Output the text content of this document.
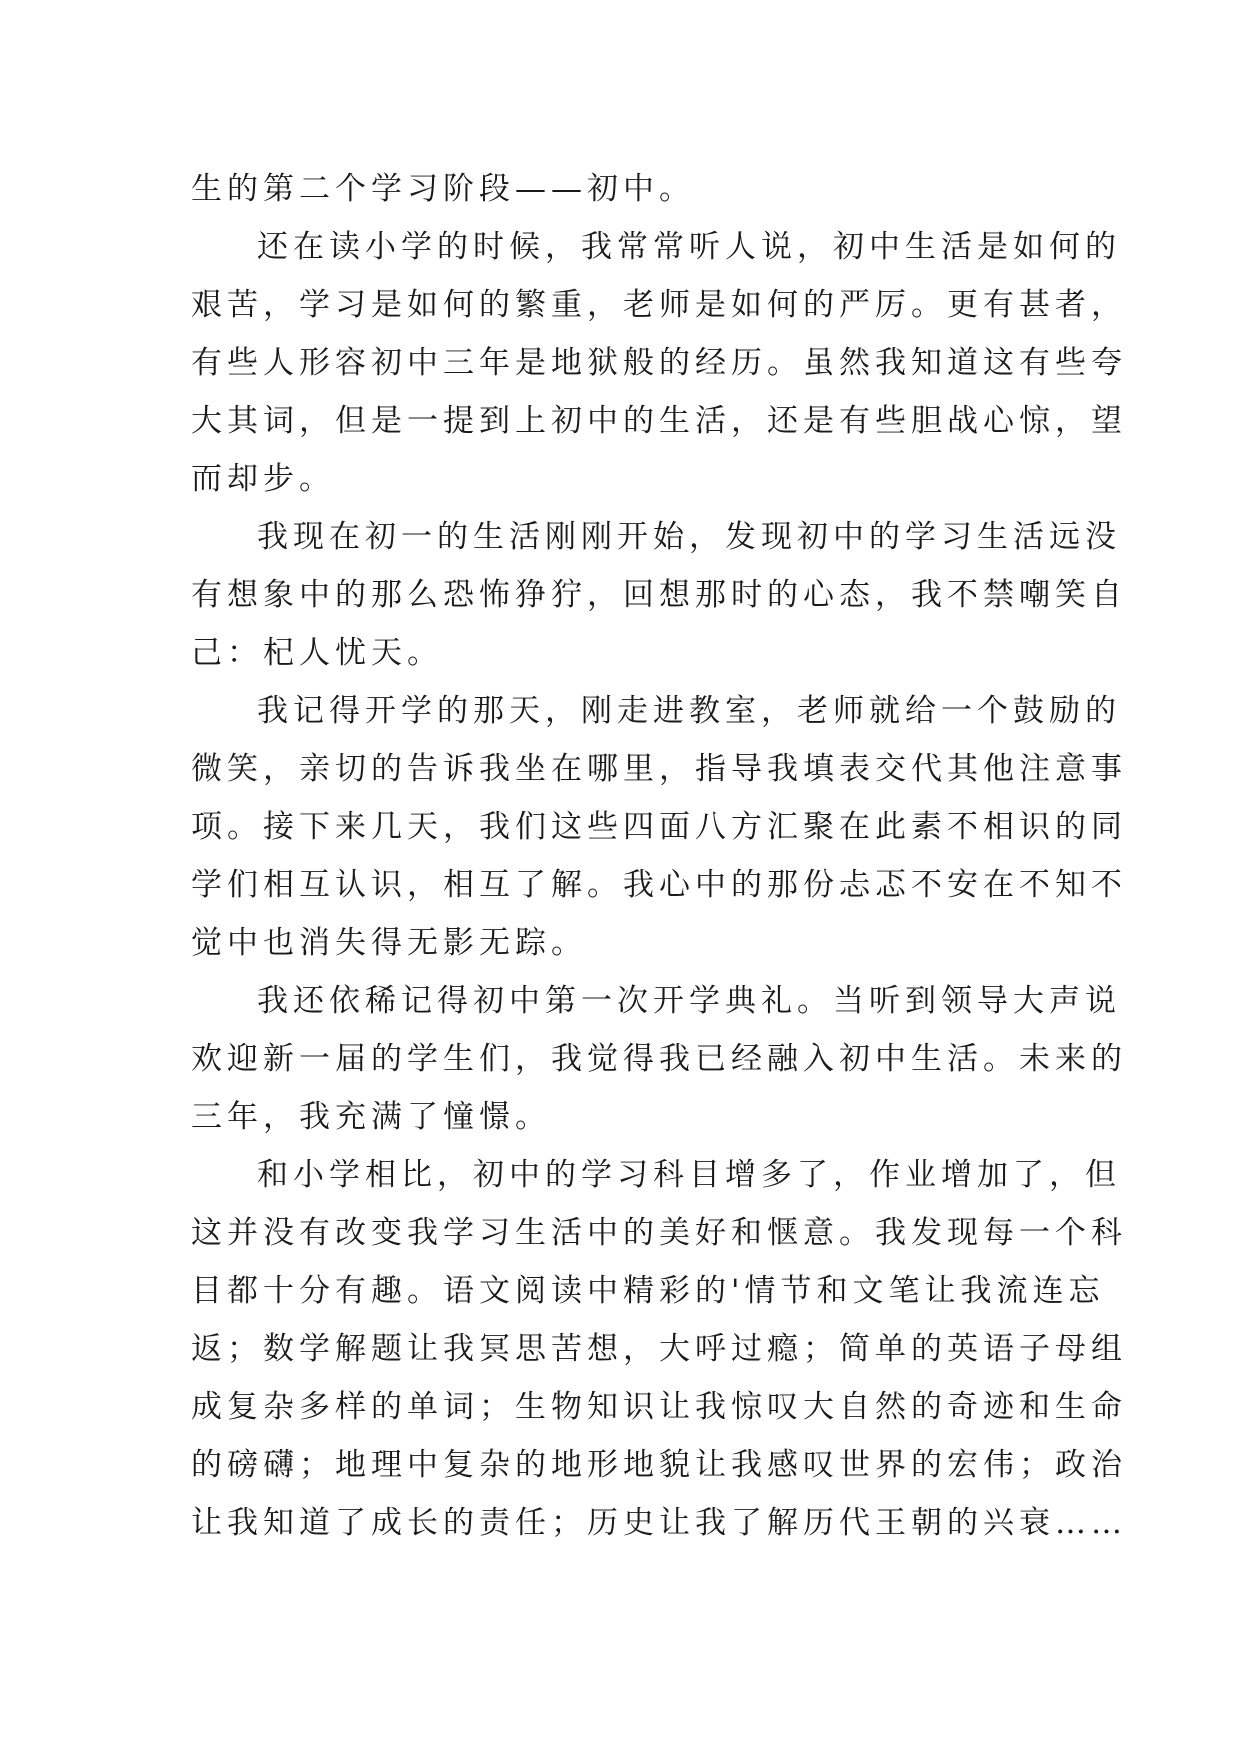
生的第二个学习阶段——初中。
还在读小学的时候，我常常听人说，初中生活是如何的
艰苦，学习是如何的繁重，老师是如何的严厉。更有甚者，
有些人形容初中三年是地狱般的经历。虽然我知道这有些夸
大其词，但是一提到上初中的生活，还是有些胆战心惊，望
而却步。
我现在初一的生活刚刚开始，发现初中的学习生活远没
有想象中的那么恐怖狰狞，回想那时的心态，我不禁嘲笑自
己：杞人忧天。
我记得开学的那天，刚走进教室，老师就给一个鼓励的
微笑，亲切的告诉我坐在哪里，指导我填表交代其他注意事
项。接下来几天，我们这些四面八方汇聚在此素不相识的同
学们相互认识，相互了解。我心中的那份忐忑不安在不知不
觉中也消失得无影无踪。
我还依稀记得初中第一次开学典礼。当听到领导大声说
欢迎新一届的学生们，我觉得我已经融入初中生活。未来的
三年，我充满了憧憬。
和小学相比，初中的学习科目增多了，作业增加了，但
这并没有改变我学习生活中的美好和惬意。我发现每一个科
目都十分有趣。语文阅读中精彩的'情节和文笔让我流连忘
返；数学解题让我冥思苦想，大呼过瘾；简单的英语子母组
成复杂多样的单词；生物知识让我惊叹大自然的奇迹和生命
的磅礴；地理中复杂的地形地貌让我感叹世界的宏伟；政治
让我知道了成长的责任；历史让我了解历代王朝的兴衰……
